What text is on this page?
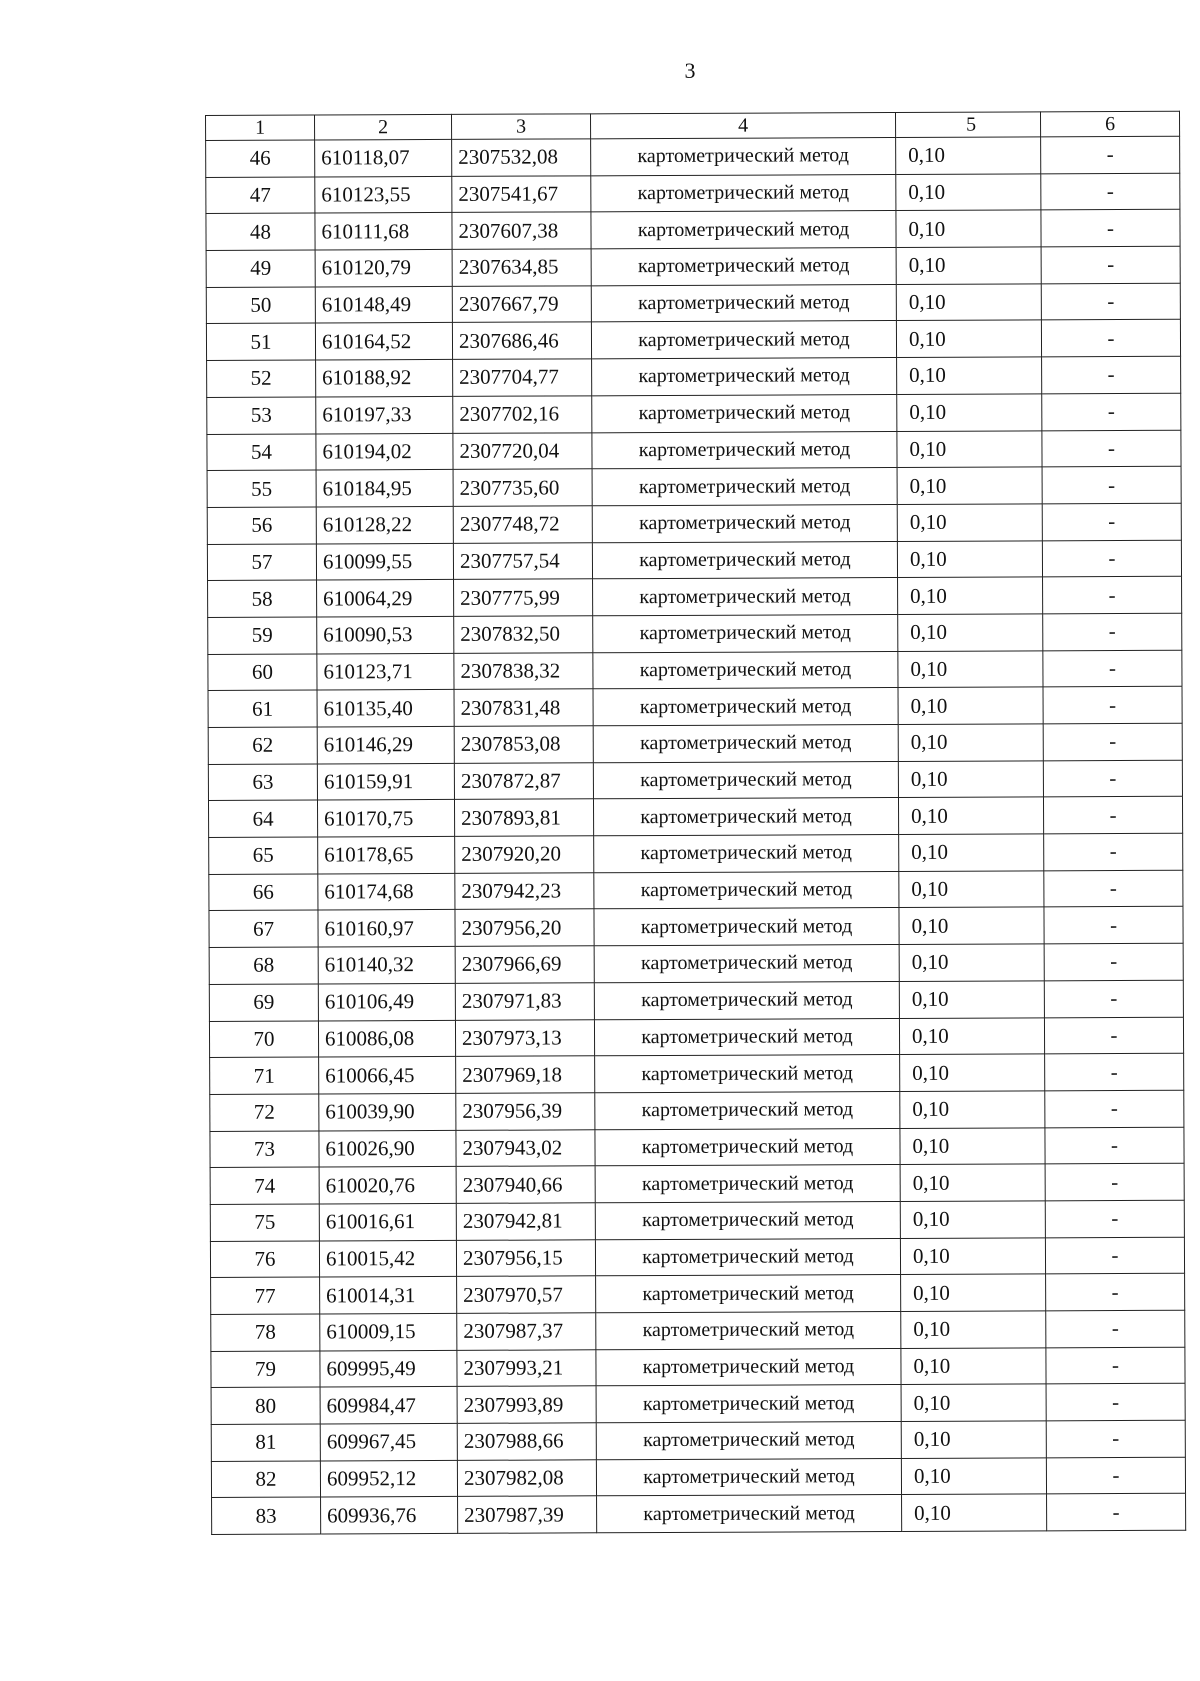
3
1	2	3	4	5	6
46	610118,07	2307532,08	картометрический метод	0,10	-
47	610123,55	2307541,67	картометрический метод	0,10	-
48	610111,68	2307607,38	картометрический метод	0,10	-
49	610120,79	2307634,85	картометрический метод	0,10	-
50	610148,49	2307667,79	картометрический метод	0,10	-
51	610164,52	2307686,46	картометрический метод	0,10	-
52	610188,92	2307704,77	картометрический метод	0,10	-
53	610197,33	2307702,16	картометрический метод	0,10	-
54	610194,02	2307720,04	картометрический метод	0,10	-
55	610184,95	2307735,60	картометрический метод	0,10	-
56	610128,22	2307748,72	картометрический метод	0,10	-
57	610099,55	2307757,54	картометрический метод	0,10	-
58	610064,29	2307775,99	картометрический метод	0,10	-
59	610090,53	2307832,50	картометрический метод	0,10	-
60	610123,71	2307838,32	картометрический метод	0,10	-
61	610135,40	2307831,48	картометрический метод	0,10	-
62	610146,29	2307853,08	картометрический метод	0,10	-
63	610159,91	2307872,87	картометрический метод	0,10	-
64	610170,75	2307893,81	картометрический метод	0,10	-
65	610178,65	2307920,20	картометрический метод	0,10	-
66	610174,68	2307942,23	картометрический метод	0,10	-
67	610160,97	2307956,20	картометрический метод	0,10	-
68	610140,32	2307966,69	картометрический метод	0,10	-
69	610106,49	2307971,83	картометрический метод	0,10	-
70	610086,08	2307973,13	картометрический метод	0,10	-
71	610066,45	2307969,18	картометрический метод	0,10	-
72	610039,90	2307956,39	картометрический метод	0,10	-
73	610026,90	2307943,02	картометрический метод	0,10	-
74	610020,76	2307940,66	картометрический метод	0,10	-
75	610016,61	2307942,81	картометрический метод	0,10	-
76	610015,42	2307956,15	картометрический метод	0,10	-
77	610014,31	2307970,57	картометрический метод	0,10	-
78	610009,15	2307987,37	картометрический метод	0,10	-
79	609995,49	2307993,21	картометрический метод	0,10	-
80	609984,47	2307993,89	картометрический метод	0,10	-
81	609967,45	2307988,66	картометрический метод	0,10	-
82	609952,12	2307982,08	картометрический метод	0,10	-
83	609936,76	2307987,39	картометрический метод	0,10	-
